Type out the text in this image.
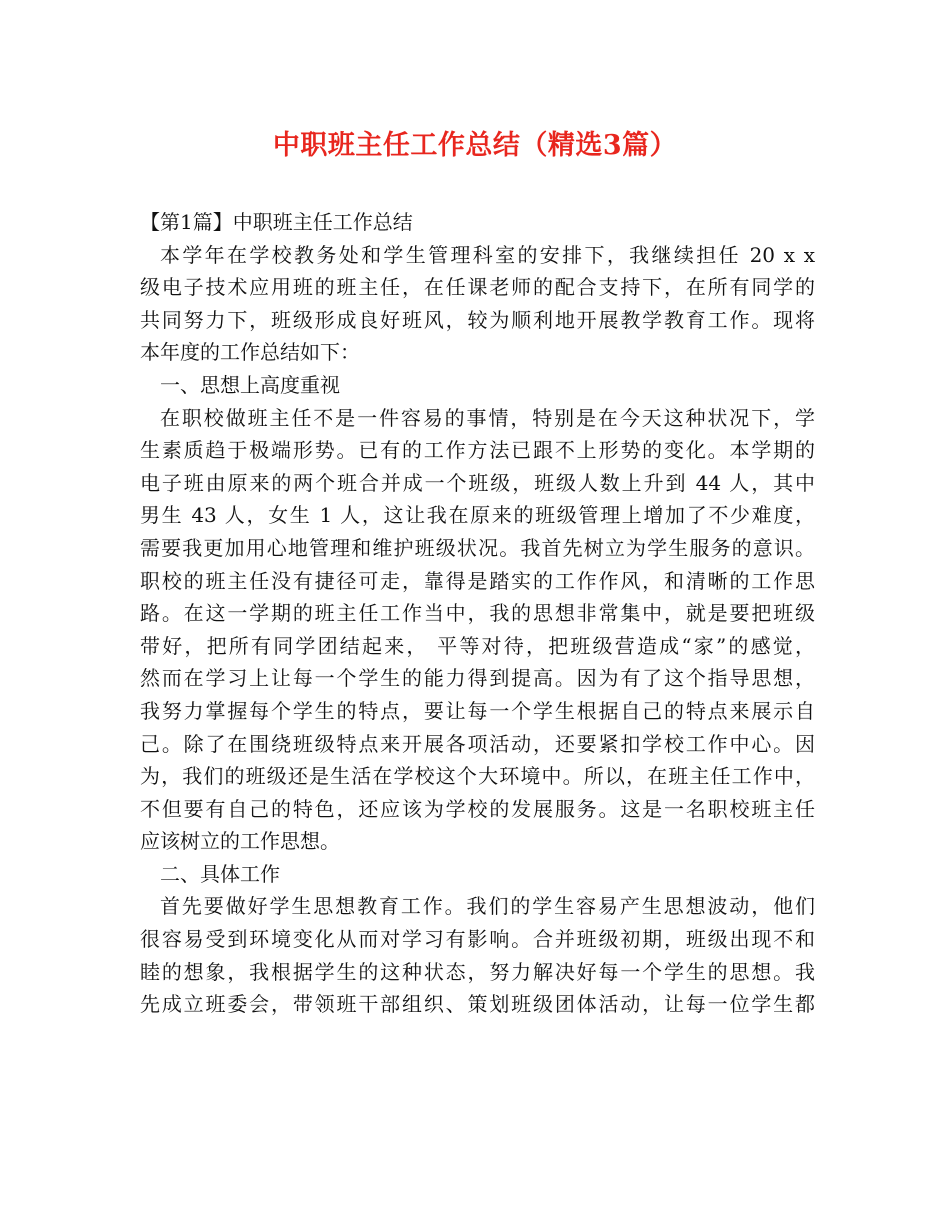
中职班主任工作总结（精选3篇）
【第1篇】中职班主任工作总结
本学年在学校教务处和学生管理科室的安排下，我继续担任 20 x x
级电子技术应用班的班主任，在任课老师的配合支持下，在所有同学的
共同努力下，班级形成良好班风，较为顺利地开展教学教育工作。现将
本年度的工作总结如下：
一、思想上高度重视
在职校做班主任不是一件容易的事情，特别是在今天这种状况下，学
生素质趋于极端形势。已有的工作方法已跟不上形势的变化。本学期的
电子班由原来的两个班合并成一个班级，班级人数上升到 44 人，其中
男生 43 人，女生 1 人，这让我在原来的班级管理上增加了不少难度，
需要我更加用心地管理和维护班级状况。我首先树立为学生服务的意识。
职校的班主任没有捷径可走，靠得是踏实的工作作风，和清晰的工作思
路。在这一学期的班主任工作当中，我的思想非常集中，就是要把班级
带好，把所有同学团结起来， 平等对待，把班级营造成“家”的感觉，
然而在学习上让每一个学生的能力得到提高。因为有了这个指导思想，
我努力掌握每个学生的特点，要让每一个学生根据自己的特点来展示自
己。除了在围绕班级特点来开展各项活动，还要紧扣学校工作中心。因
为，我们的班级还是生活在学校这个大环境中。所以，在班主任工作中，
不但要有自己的特色，还应该为学校的发展服务。这是一名职校班主任
应该树立的工作思想。
二、具体工作
首先要做好学生思想教育工作。我们的学生容易产生思想波动，他们
很容易受到环境变化从而对学习有影响。合并班级初期，班级出现不和
睦的想象，我根据学生的这种状态，努力解决好每一个学生的思想。我
先成立班委会，带领班干部组织、策划班级团体活动，让每一位学生都
